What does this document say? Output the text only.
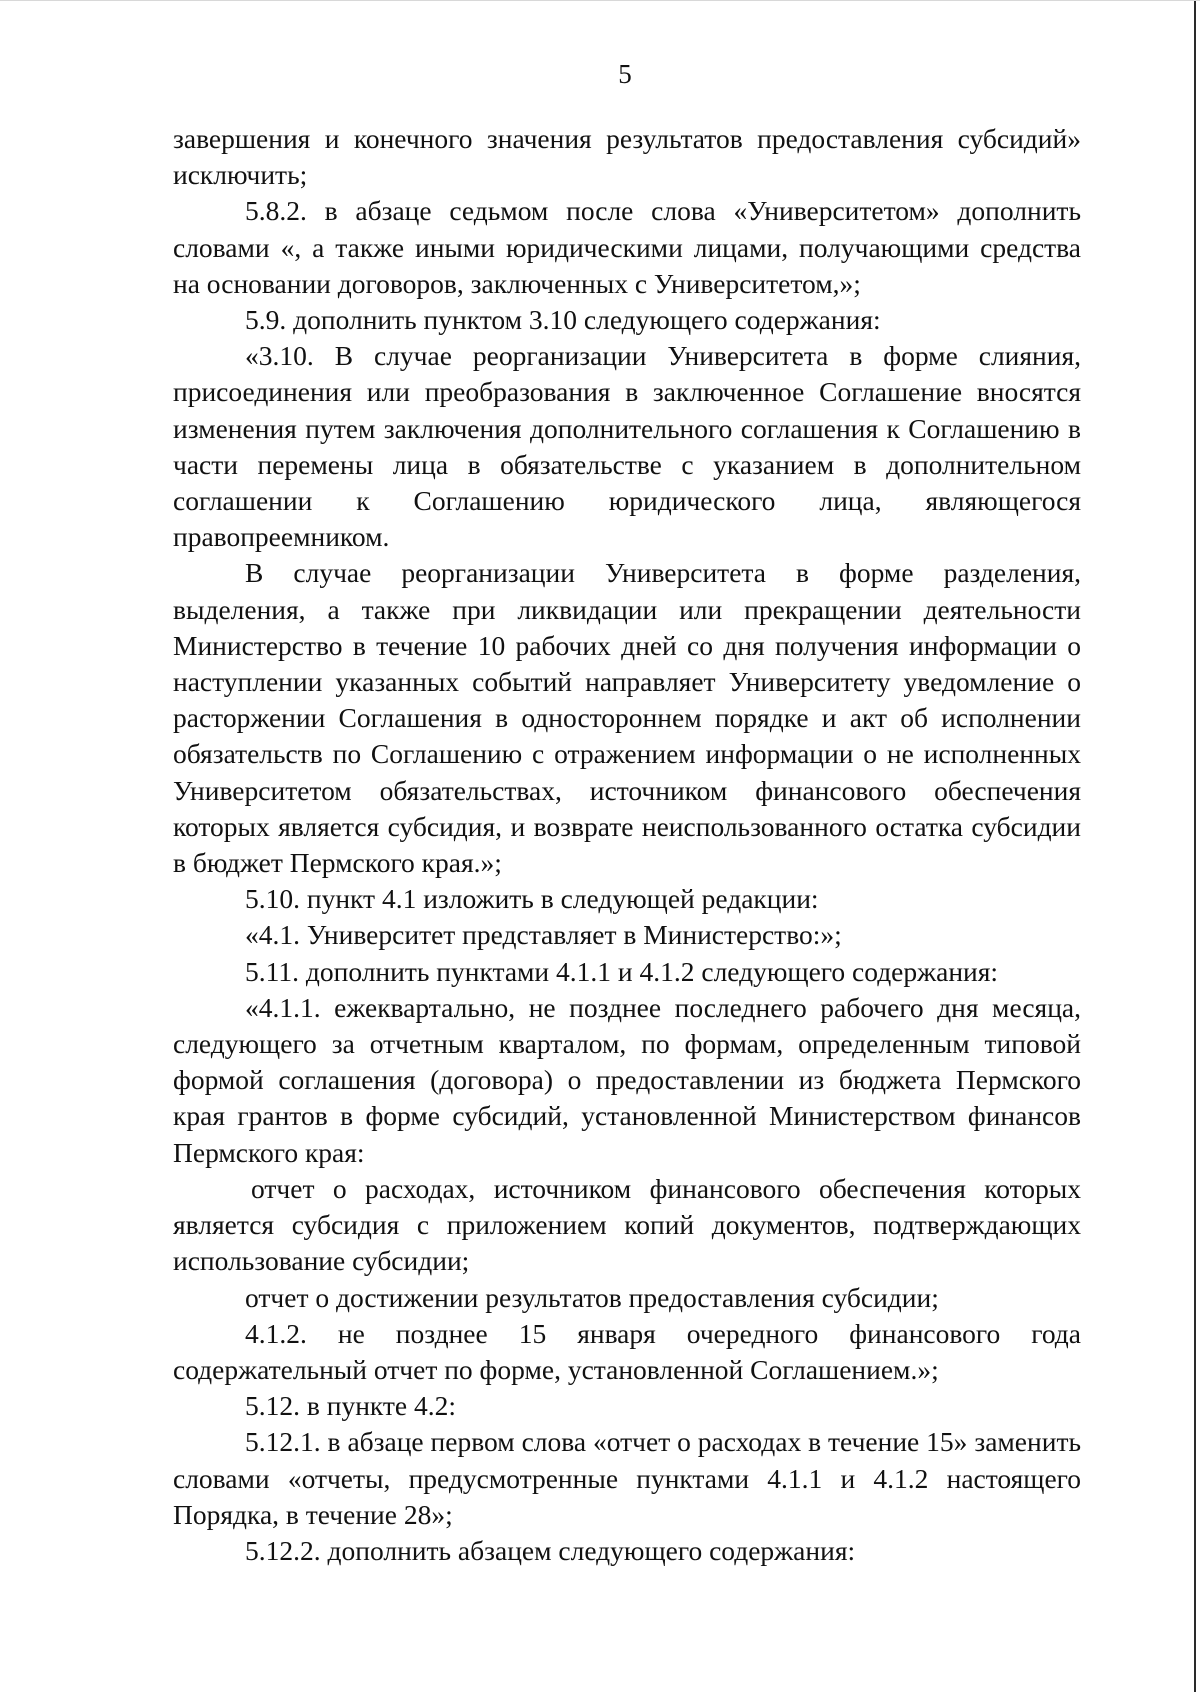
5

завершения и конечного значения результатов предоставления субсидий» исключить;

5.8.2. в абзаце седьмом после слова «Университетом» дополнить словами «, а также иными юридическими лицами, получающими средства на основании договоров, заключенных с Университетом,»;

5.9. дополнить пунктом 3.10 следующего содержания:

«3.10. В случае реорганизации Университета в форме слияния, присоединения или преобразования в заключенное Соглашение вносятся изменения путем заключения дополнительного соглашения к Соглашению в части перемены лица в обязательстве с указанием в дополнительном соглашении к Соглашению юридического лица, являющегося правопреемником.

В случае реорганизации Университета в форме разделения, выделения, а также при ликвидации или прекращении деятельности Министерство в течение 10 рабочих дней со дня получения информации о наступлении указанных событий направляет Университету уведомление о расторжении Соглашения в одностороннем порядке и акт об исполнении обязательств по Соглашению с отражением информации о не исполненных Университетом обязательствах, источником финансового обеспечения которых является субсидия, и возврате неиспользованного остатка субсидии в бюджет Пермского края.»;

5.10. пункт 4.1 изложить в следующей редакции:

«4.1. Университет представляет в Министерство:»;

5.11. дополнить пунктами 4.1.1 и 4.1.2 следующего содержания:

«4.1.1. ежеквартально, не позднее последнего рабочего дня месяца, следующего за отчетным кварталом, по формам, определенным типовой формой соглашения (договора) о предоставлении из бюджета Пермского края грантов в форме субсидий, установленной Министерством финансов Пермского края:

отчет о расходах, источником финансового обеспечения которых является субсидия с приложением копий документов, подтверждающих использование субсидии;

отчет о достижении результатов предоставления субсидии;

4.1.2. не позднее 15 января очередного финансового года содержательный отчет по форме, установленной Соглашением.»;

5.12. в пункте 4.2:

5.12.1. в абзаце первом слова «отчет о расходах в течение 15» заменить словами «отчеты, предусмотренные пунктами 4.1.1 и 4.1.2 настоящего Порядка, в течение 28»;

5.12.2. дополнить абзацем следующего содержания:
